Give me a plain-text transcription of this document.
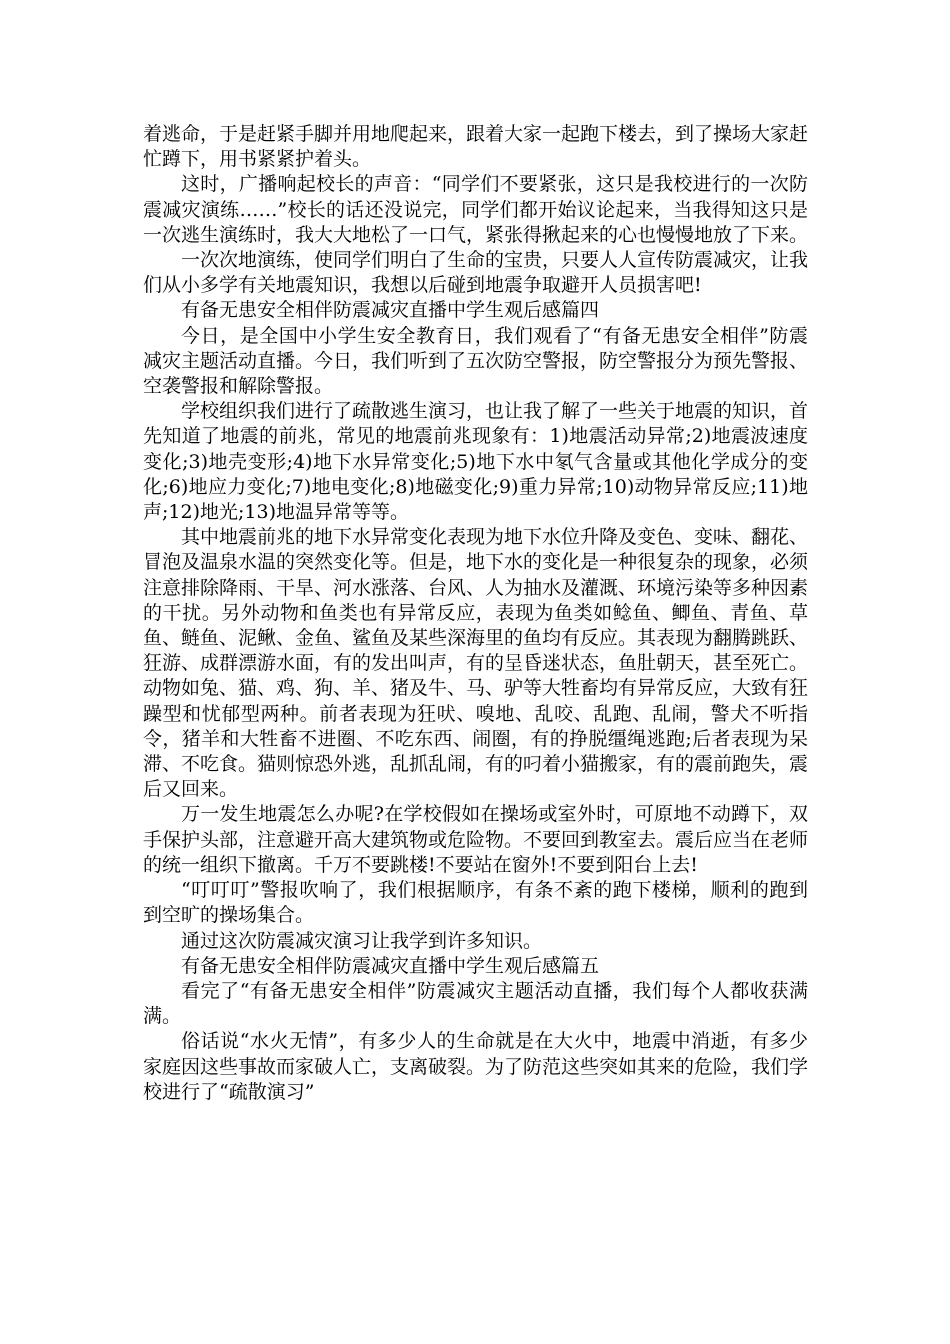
着逃命，于是赶紧手脚并用地爬起来，跟着大家一起跑下楼去，到了操场大家赶忙蹲下，用书紧紧护着头。

这时，广播响起校长的声音：“同学们不要紧张，这只是我校进行的一次防震减灾演练……”校长的话还没说完，同学们都开始议论起来，当我得知这只是一次逃生演练时，我大大地松了一口气，紧张得揪起来的心也慢慢地放了下来。

一次次地演练，使同学们明白了生命的宝贵，只要人人宣传防震减灾，让我们从小多学有关地震知识，我想以后碰到地震争取避开人员损害吧!

有备无患安全相伴防震减灾直播中学生观后感篇四

今日，是全国中小学生安全教育日，我们观看了“有备无患安全相伴”防震减灾主题活动直播。今日，我们听到了五次防空警报，防空警报分为预先警报、空袭警报和解除警报。

学校组织我们进行了疏散逃生演习，也让我了解了一些关于地震的知识，首先知道了地震的前兆，常见的地震前兆现象有：1)地震活动异常;2)地震波速度变化;3)地壳变形;4)地下水异常变化;5)地下水中氡气含量或其他化学成分的变化;6)地应力变化;7)地电变化;8)地磁变化;9)重力异常;10)动物异常反应;11)地声;12)地光;13)地温异常等等。

其中地震前兆的地下水异常变化表现为地下水位升降及变色、变味、翻花、冒泡及温泉水温的突然变化等。但是，地下水的变化是一种很复杂的现象，必须注意排除降雨、干旱、河水涨落、台风、人为抽水及灌溉、环境污染等多种因素的干扰。另外动物和鱼类也有异常反应，表现为鱼类如鲶鱼、鲫鱼、青鱼、草鱼、鲢鱼、泥鳅、金鱼、鲨鱼及某些深海里的鱼均有反应。其表现为翻腾跳跃、狂游、成群漂游水面，有的发出叫声，有的呈昏迷状态，鱼肚朝天，甚至死亡。动物如兔、猫、鸡、狗、羊、猪及牛、马、驴等大牲畜均有异常反应，大致有狂躁型和忧郁型两种。前者表现为狂吠、嗅地、乱咬、乱跑、乱闹，警犬不听指令，猪羊和大牲畜不进圈、不吃东西、闹圈，有的挣脱缰绳逃跑;后者表现为呆滞、不吃食。猫则惊恐外逃，乱抓乱闹，有的叼着小猫搬家，有的震前跑失，震后又回来。

万一发生地震怎么办呢?在学校假如在操场或室外时，可原地不动蹲下，双手保护头部，注意避开高大建筑物或危险物。不要回到教室去。震后应当在老师的统一组织下撤离。千万不要跳楼!不要站在窗外!不要到阳台上去!

“叮叮叮”警报吹响了，我们根据顺序，有条不紊的跑下楼梯，顺利的跑到到空旷的操场集合。

通过这次防震减灾演习让我学到许多知识。

有备无患安全相伴防震减灾直播中学生观后感篇五

看完了“有备无患安全相伴”防震减灾主题活动直播，我们每个人都收获满满。

俗话说“水火无情”，有多少人的生命就是在大火中，地震中消逝，有多少家庭因这些事故而家破人亡，支离破裂。为了防范这些突如其来的危险，我们学校进行了“疏散演习”
